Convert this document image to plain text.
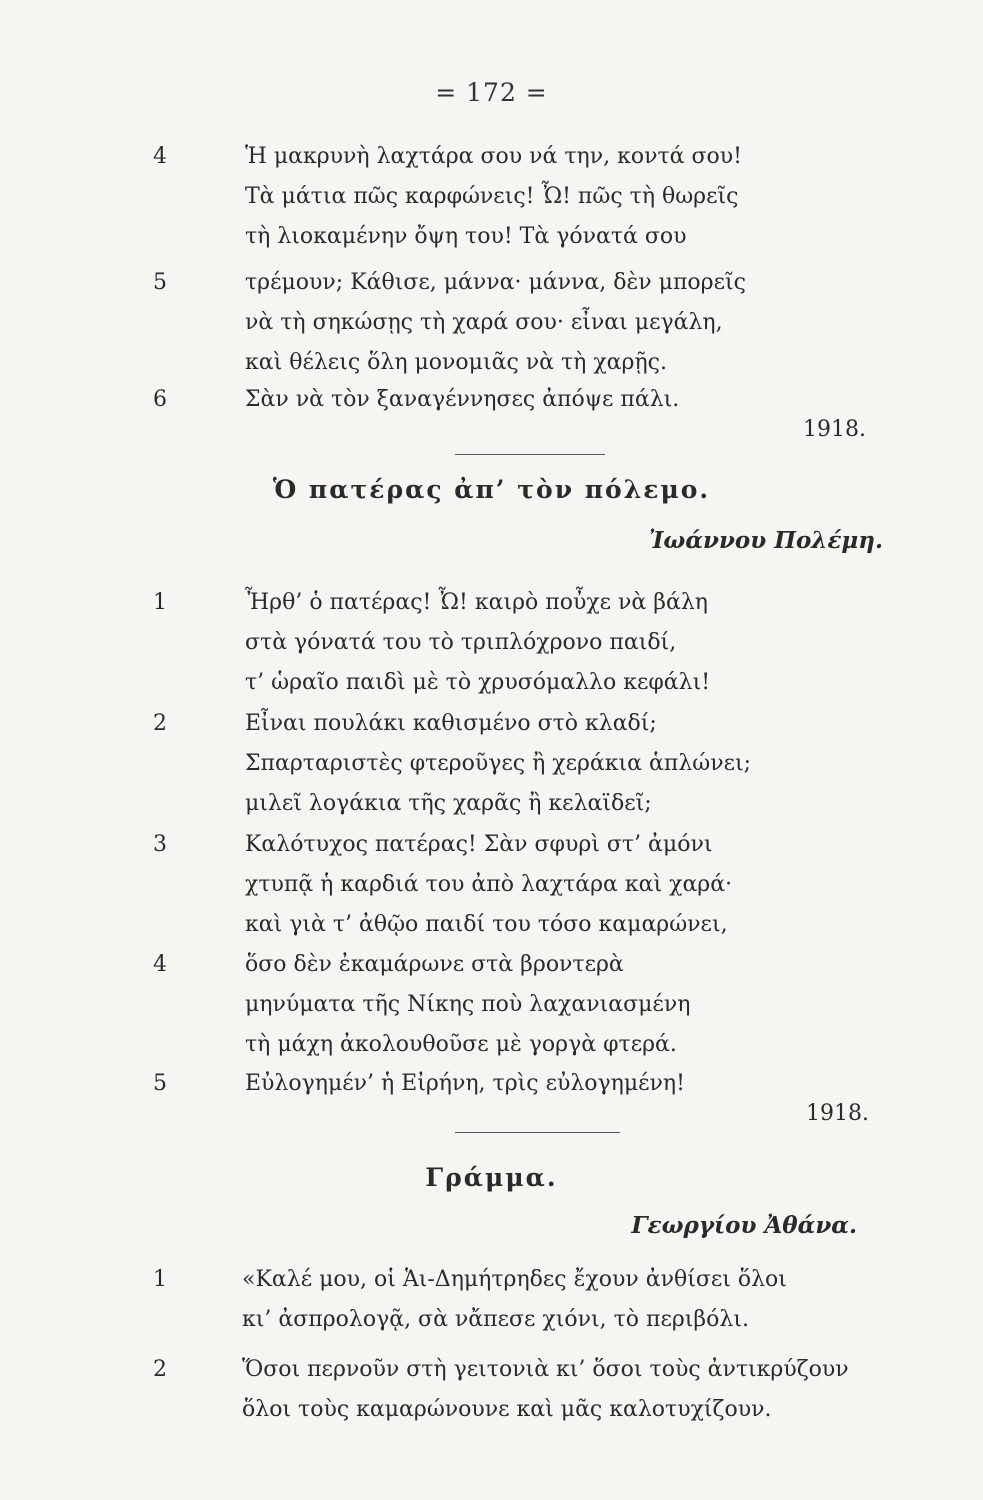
= 172 =
4	Ἡ μακρυνὴ λαχτάρα σου νά την, κοντά σου!
Τὰ μάτια πῶς καρφώνεις! Ὦ! πῶς τὴ θωρεῖς
τὴ λιοκαμένην ὄψη του! Τὰ γόνατά σου
5	τρέμουν; Κάθισε, μάννα· μάννα, δὲν μπορεῖς
νὰ τὴ σηκώσῃς τὴ χαρά σου· εἶναι μεγάλη,
καὶ θέλεις ὅλη μονομιᾶς νὰ τὴ χαρῇς.
6	Σὰν νὰ τὸν ξαναγέννησες ἀπόψε πάλι.
1918.
Ὁ πατέρας ἀπ’ τὸν πόλεμο.
Ἰωάννου Πολέμη.
1	Ἦρθ’ ὁ πατέρας! Ὦ! καιρὸ ποὖχε νὰ βάλη
στὰ γόνατά του τὸ τριπλόχρονο παιδί,
τ’ ὡραῖο παιδὶ μὲ τὸ χρυσόμαλλο κεφάλι!
2	Εἶναι πουλάκι καθισμένο στὸ κλαδί;
Σπαρταριστὲς φτεροῦγες ἢ χεράκια ἁπλώνει;
μιλεῖ λογάκια τῆς χαρᾶς ἢ κελαϊδεῖ;
3	Καλότυχος πατέρας! Σὰν σφυρὶ στ’ ἀμόνι
χτυπᾷ ἡ καρδιά του ἀπὸ λαχτάρα καὶ χαρά·
καὶ γιὰ τ’ ἀθῷο παιδί του τόσο καμαρώνει,
4	ὅσο δὲν ἐκαμάρωνε στὰ βροντερὰ
μηνύματα τῆς Νίκης ποὺ λαχανιασμένη
τὴ μάχη ἀκολουθοῦσε μὲ γοργὰ φτερά.
5	Εὐλογημέν’ ἡ Εἰρήνη, τρὶς εὐλογημένη!
1918.
Γράμμα.
Γεωργίου Ἀθάνα.
1	«Καλέ μου, οἱ Ἁι-Δημήτρηδες ἔχουν ἀνθίσει ὅλοι
κι’ ἀσπρολογᾷ, σὰ νἄπεσε χιόνι, τὸ περιβόλι.
2	Ὅσοι περνοῦν στὴ γειτονιὰ κι’ ὅσοι τοὺς ἀντικρύζουν
ὅλοι τοὺς καμαρώνουνε καὶ μᾶς καλοτυχίζουν.
